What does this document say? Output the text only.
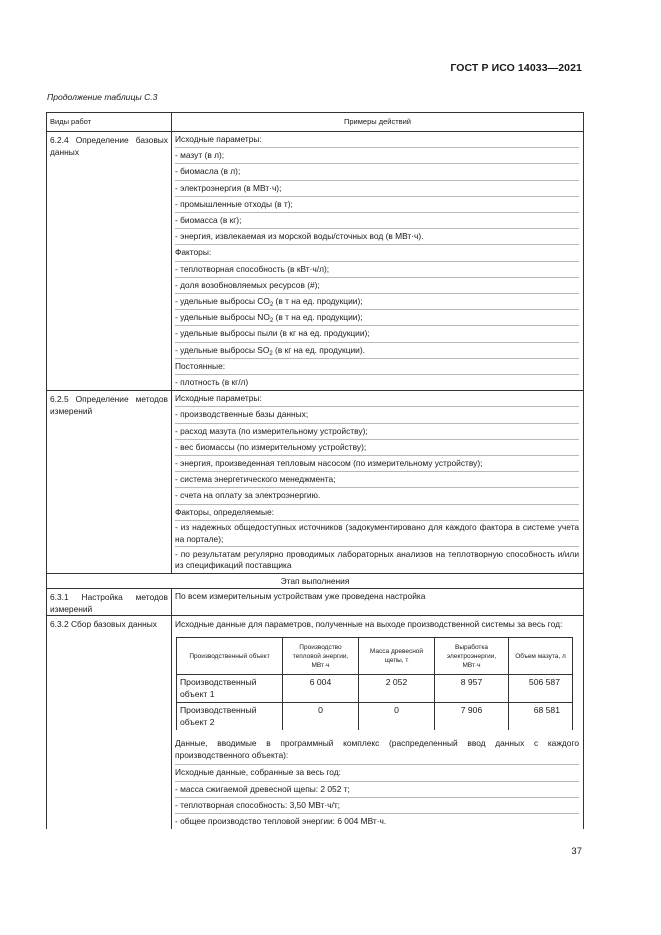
ГОСТ Р ИСО 14033—2021
Продолжение таблицы С.3
Виды работ	Примеры действий
6.2.4 Определение базовых данных	
Исходные параметры:
- мазут (в л);
- биомасла (в л);
- электроэнергия (в МВт·ч);
- промышленные отходы (в т);
- биомасса (в кг);
- энергия, извлекаемая из морской воды/сточных вод (в МВт·ч).
Факторы:
- теплотворная способность (в кВт·ч/л);
- доля возобновляемых ресурсов (#);
- удельные выбросы $CO_2$ (в т на ед. продукции);
- удельные выбросы $NO_2$ (в т на ед. продукции);
- удельные выбросы пыли (в кг на ед. продукции);
- удельные выбросы $SO_2$ (в кг на ед. продукции).
Постоянные:
- плотность (в кг/л)

6.2.5 Определение методов измерений	
Исходные параметры:
- производственные базы данных;
- расход мазута (по измерительному устройству);
- вес биомассы (по измерительному устройству);
- энергия, произведенная тепловым насосом (по измерительному устройству);
- система энергетического менеджмента;
- счета на оплату за электроэнергию.
Факторы, определяемые:
- из надежных общедоступных источников (задокументировано для каждого фактора в системе учета на портале);
- по результатам регулярно проводимых лабораторных анализов на теплотворную способность и/или из спецификаций поставщика

Этап выполнения
6.3.1 Настройка методов измерений	
По всем измерительным устройствам уже проведена настройка

6.3.2 Сбор базовых данных	Исходные данные для параметров, полученные на выходе производственной системы за весь год:
Производственный объект	Производство тепловой энергии, МВт·ч	Масса древесной щепы, т	Выработка электроэнергии, МВт·ч	Объем мазута, л
Производственный объект 1	6 004	2 052	8 957	506 587
Производственный объект 2	0	0	7 906	68 581
Данные, вводимые в программный комплекс (распределенный ввод данных с каждого производственного объекта):
Исходные данные, собранные за весь год:
- масса сжигаемой древесной щепы: 2 052 т;
- теплотворная способность: 3,50 МВт·ч/т;
- общее производство тепловой энергии: 6 004 МВт·ч.
37
